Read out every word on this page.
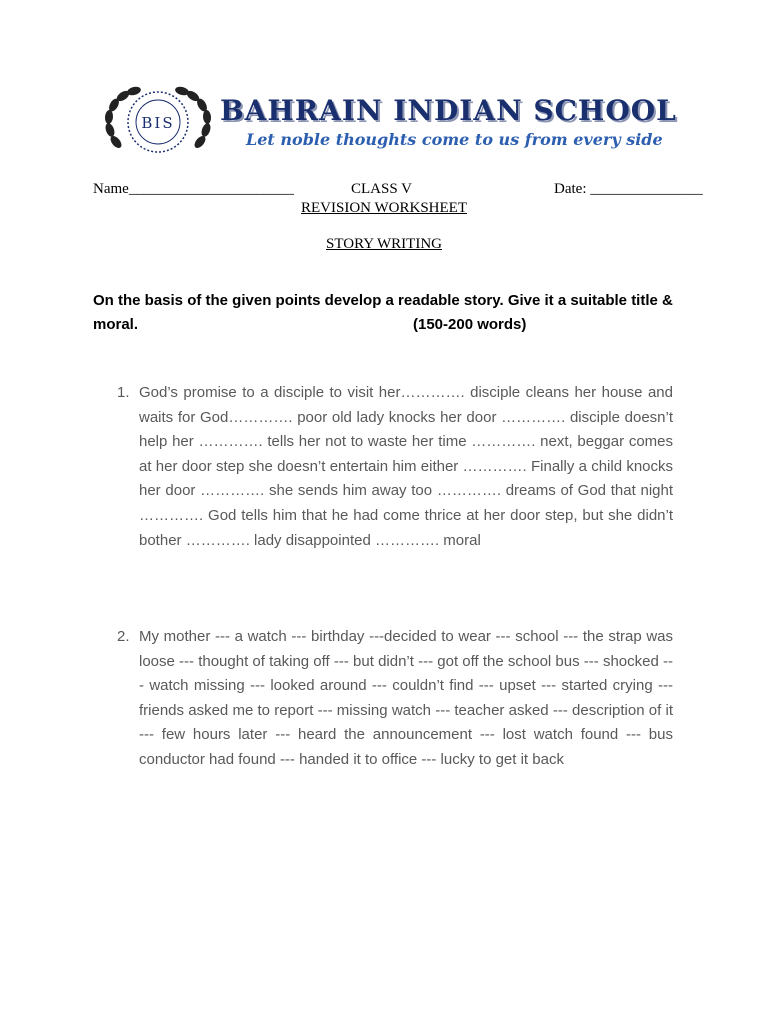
BIS BAHRAIN INDIAN SCHOOL
Let noble thoughts come to us from every side
Name______________________	CLASS V	Date: _______________
REVISION WORKSHEET
STORY WRITING
On the basis of the given points develop a readable story. Give it a suitable title & moral.	(150-200 words)
1. God’s promise to a disciple to visit her…………. disciple cleans her house and waits for God…………. poor old lady knocks her door …………. disciple doesn’t help her …………. tells her not to waste her time …………. next, beggar comes at her door step she doesn’t entertain him either …………. Finally a child knocks her door …………. she sends him away too …………. dreams of God that night …………. God tells him that he had come thrice at her door step, but she didn’t bother …………. lady disappointed …………. moral
2. My mother --- a watch --- birthday ---decided to wear --- school --- the strap was loose --- thought of taking off --- but didn’t --- got off the school bus --- shocked --- watch missing --- looked around --- couldn’t find --- upset --- started crying --- friends asked me to report --- missing watch --- teacher asked --- description of it --- few hours later --- heard the announcement --- lost watch found --- bus conductor had found --- handed it to office --- lucky to get it back
